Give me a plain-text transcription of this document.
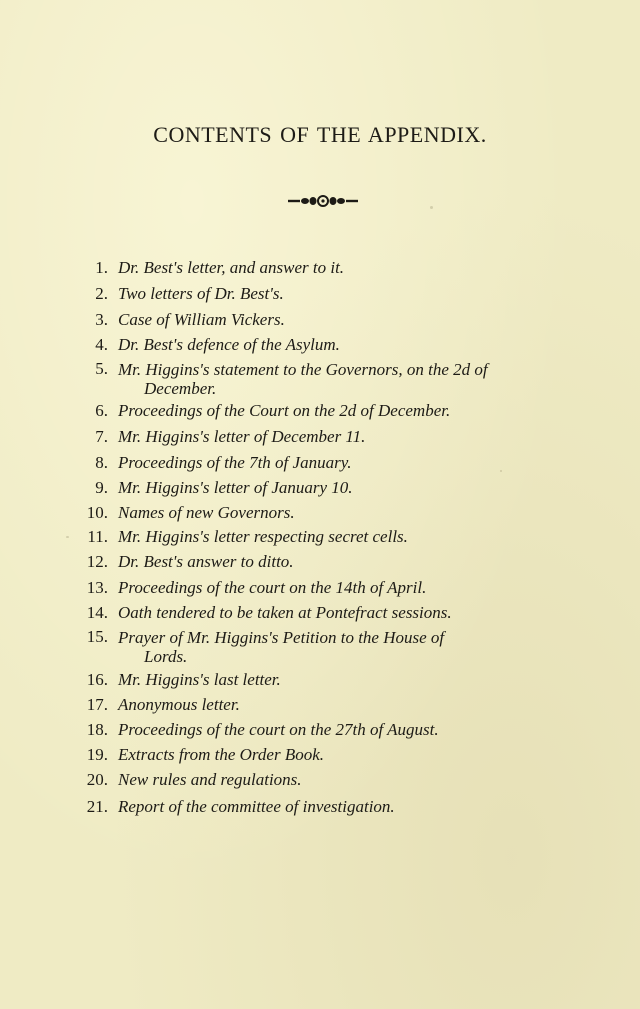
CONTENTS OF THE APPENDIX.
1. Dr. Best's letter, and answer to it.
2. Two letters of Dr. Best's.
3. Case of William Vickers.
4. Dr. Best's defence of the Asylum.
5. Mr. Higgins's statement to the Governors, on the 2d of
December.
6. Proceedings of the Court on the 2d of December.
7. Mr. Higgins's letter of December 11.
8. Proceedings of the 7th of January.
9. Mr. Higgins's letter of January 10.
10. Names of new Governors.
11. Mr. Higgins's letter respecting secret cells.
12. Dr. Best's answer to ditto.
13. Proceedings of the court on the 14th of April.
14. Oath tendered to be taken at Pontefract sessions.
15. Prayer of Mr. Higgins's Petition to the House of
Lords.
16. Mr. Higgins's last letter.
17. Anonymous letter.
18. Proceedings of the court on the 27th of August.
19. Extracts from the Order Book.
20. New rules and regulations.
21. Report of the committee of investigation.
